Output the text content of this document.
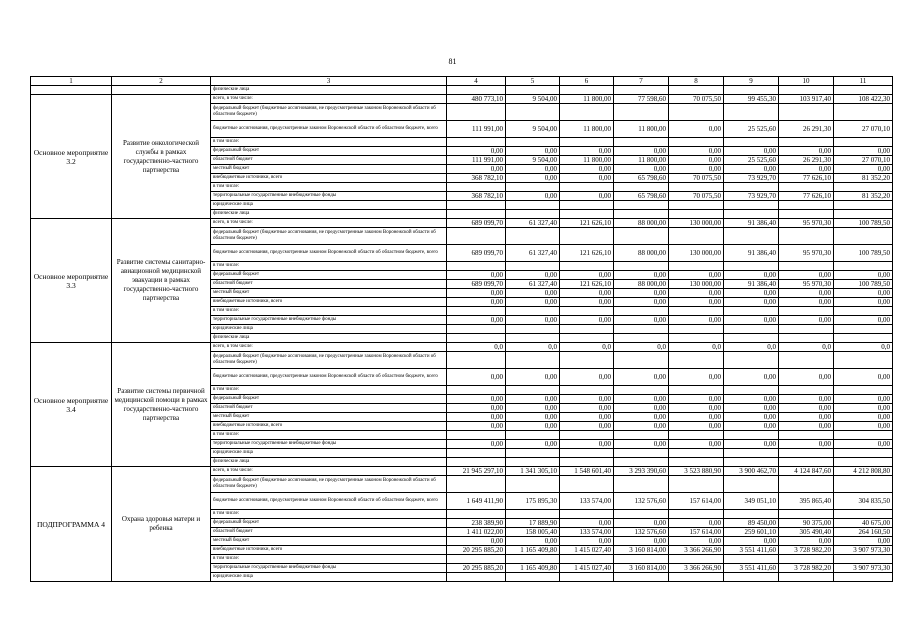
81
1	2	3	4	5	6	7	8	9	10	11
		физические лица								
Основное мероприятие 3.2	Развитие онкологической службы в рамках государственно-частного партнерства	всего, в том числе:	480 773,10	9 504,00	11 800,00	77 598,60	70 075,50	99 455,30	103 917,40	108 422,30
		федеральный бюджет (бюджетные ассигнования, не предусмотренные законом Воронежской области об областном бюджете)								
		бюджетные ассигнования, предусмотренные законом Воронежской области об областном бюджете, всего	111 991,00	9 504,00	11 800,00	11 800,00	0,00	25 525,60	26 291,30	27 070,10
		в том числе:								
		федеральный бюджет	0,00	0,00	0,00	0,00	0,00	0,00	0,00	0,00
		областной бюджет	111 991,00	9 504,00	11 800,00	11 800,00	0,00	25 525,60	26 291,30	27 070,10
		местный бюджет	0,00	0,00	0,00	0,00	0,00	0,00	0,00	0,00
		внебюджетные источники, всего	368 782,10	0,00	0,00	65 798,60	70 075,50	73 929,70	77 626,10	81 352,20
		в том числе:								
		территориальные государственные внебюджетные фонды	368 782,10	0,00	0,00	65 798,60	70 075,50	73 929,70	77 626,10	81 352,20
		юридические лица								
		физические лица								
Основное мероприятие 3.3	Развитие системы санитарно-авиационной медицинской эвакуации в рамках государственно-частного партнерства	всего, в том числе:	689 099,70	61 327,40	121 626,10	88 000,00	130 000,00	91 386,40	95 970,30	100 789,50
		федеральный бюджет (бюджетные ассигнования, не предусмотренные законом Воронежской области об областном бюджете)								
		бюджетные ассигнования, предусмотренные законом Воронежской области об областном бюджете, всего	689 099,70	61 327,40	121 626,10	88 000,00	130 000,00	91 386,40	95 970,30	100 789,50
		в том числе:								
		федеральный бюджет	0,00	0,00	0,00	0,00	0,00	0,00	0,00	0,00
		областной бюджет	689 099,70	61 327,40	121 626,10	88 000,00	130 000,00	91 386,40	95 970,30	100 789,50
		местный бюджет	0,00	0,00	0,00	0,00	0,00	0,00	0,00	0,00
		внебюджетные источники, всего	0,00	0,00	0,00	0,00	0,00	0,00	0,00	0,00
		в том числе:								
		территориальные государственные внебюджетные фонды	0,00	0,00	0,00	0,00	0,00	0,00	0,00	0,00
		юридические лица								
		физические лица								
Основное мероприятие 3.4	Развитие системы первичной медицинской помощи в рамках государственно-частного партнерства	всего, в том числе:	0,0	0,0	0,0	0,0	0,0	0,0	0,0	0,0
		федеральный бюджет (бюджетные ассигнования, не предусмотренные законом Воронежской области об областном бюджете)								
		бюджетные ассигнования, предусмотренные законом Воронежской области об областном бюджете, всего	0,00	0,00	0,00	0,00	0,00	0,00	0,00	0,00
		в том числе:								
		федеральный бюджет	0,00	0,00	0,00	0,00	0,00	0,00	0,00	0,00
		областной бюджет	0,00	0,00	0,00	0,00	0,00	0,00	0,00	0,00
		местный бюджет	0,00	0,00	0,00	0,00	0,00	0,00	0,00	0,00
		внебюджетные источники, всего	0,00	0,00	0,00	0,00	0,00	0,00	0,00	0,00
		в том числе:								
		территориальные государственные внебюджетные фонды	0,00	0,00	0,00	0,00	0,00	0,00	0,00	0,00
		юридические лица								
		физические лица								
ПОДПРОГРАММА 4	Охрана здоровья матери и ребенка	всего, в том числе:	21 945 297,10	1 341 305,10	1 548 601,40	3 293 390,60	3 523 880,90	3 900 462,70	4 124 847,60	4 212 808,80
		федеральный бюджет (бюджетные ассигнования, не предусмотренные законом Воронежской области об областном бюджете)								
		бюджетные ассигнования, предусмотренные законом Воронежской области об областном бюджете, всего	1 649 411,90	175 895,30	133 574,00	132 576,60	157 614,00	349 051,10	395 865,40	304 835,50
		в том числе:								
		федеральный бюджет	238 389,90	17 889,90	0,00	0,00	0,00	89 450,00	90 375,00	40 675,00
		областной бюджет	1 411 022,00	158 005,40	133 574,00	132 576,60	157 614,00	259 601,10	305 490,40	264 160,50
		местный бюджет	0,00	0,00	0,00	0,00	0,00	0,00	0,00	0,00
		внебюджетные источники, всего	20 295 885,20	1 165 409,80	1 415 027,40	3 160 814,00	3 366 266,90	3 551 411,60	3 728 982,20	3 907 973,30
		в том числе:								
		территориальные государственные внебюджетные фонды	20 295 885,20	1 165 409,80	1 415 027,40	3 160 814,00	3 366 266,90	3 551 411,60	3 728 982,20	3 907 973,30
		юридические лица								
